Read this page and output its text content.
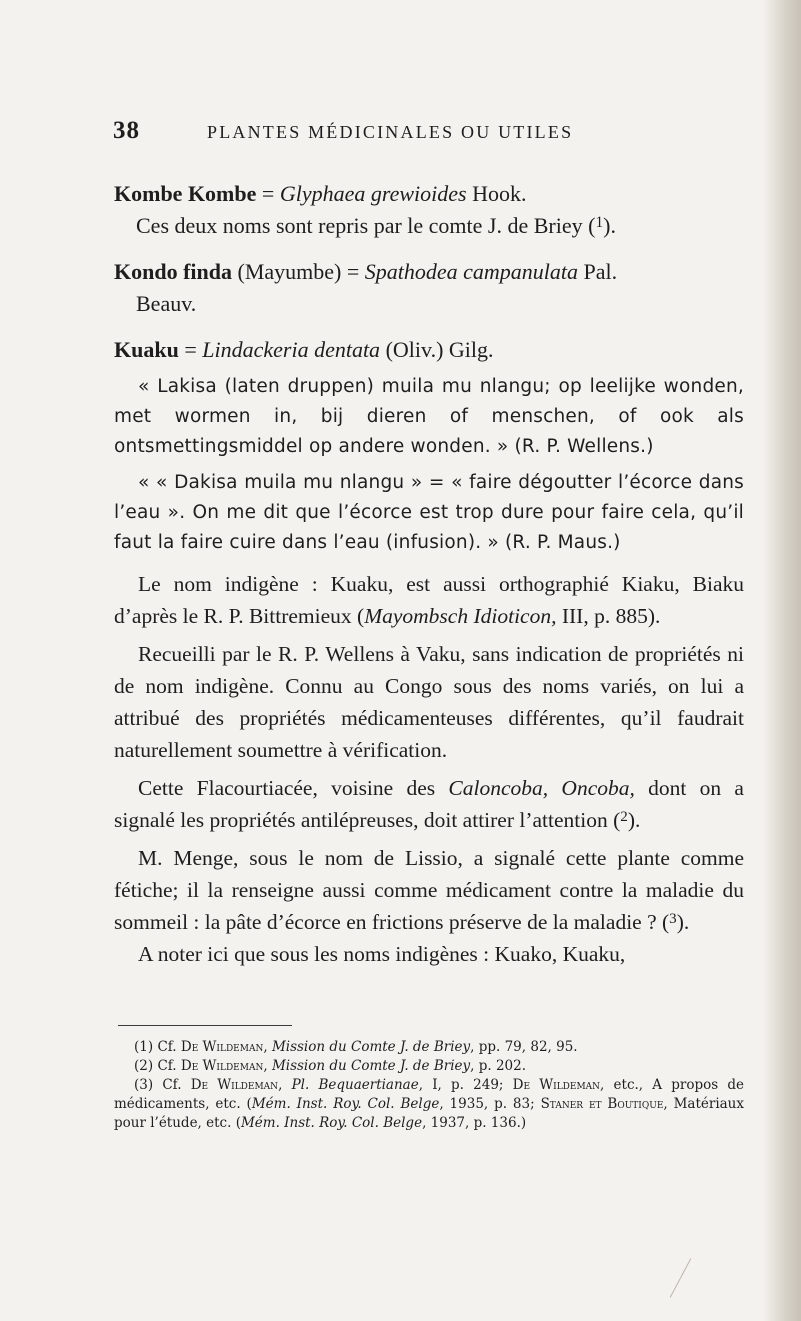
38	PLANTES MÉDICINALES OU UTILES

Kombe Kombe = Glyphaea grewioides Hook.
Ces deux noms sont repris par le comte J. de Briey ($^1$).

Kondo finda (Mayumbe) = Spathodea campanulata Pal.
Beauv.

Kuaku = Lindackeria dentata (Oliv.) Gilg.

« Lakisa (laten druppen) muila mu nlangu; op leelijke wonden, met wormen in, bij dieren of menschen, of ook als ontsmettingsmiddel op andere wonden. » (R. P. Wellens.)

« « Dakisa muila mu nlangu » = « faire dégoutter l’écorce dans l’eau ». On me dit que l’écorce est trop dure pour faire cela, qu’il faut la faire cuire dans l’eau (infusion). » (R. P. Maus.)

Le nom indigène : Kuaku, est aussi orthographié Kiaku, Biaku d’après le R. P. Bittremieux (Mayombsch Idioticon, III, p. 885).

Recueilli par le R. P. Wellens à Vaku, sans indication de propriétés ni de nom indigène. Connu au Congo sous des noms variés, on lui a attribué des propriétés médicamenteuses différentes, qu’il faudrait naturellement soumettre à vérification.

Cette Flacourtiacée, voisine des Caloncoba, Oncoba, dont on a signalé les propriétés antilépreuses, doit attirer l’attention ($^2$).

M. Menge, sous le nom de Lissio, a signalé cette plante comme fétiche; il la renseigne aussi comme médicament contre la maladie du sommeil : la pâte d’écorce en frictions préserve de la maladie ? ($^3$).

A noter ici que sous les noms indigènes : Kuako, Kuaku,

(1) Cf. De Wildeman, Mission du Comte J. de Briey, pp. 79, 82, 95.

(2) Cf. De Wildeman, Mission du Comte J. de Briey, p. 202.

(3) Cf. De Wildeman, Pl. Bequaertianae, I, p. 249; De Wildeman, etc., A propos de médicaments, etc. (Mém. Inst. Roy. Col. Belge, 1935, p. 83; Staner et Boutique, Matériaux pour l’étude, etc. (Mém. Inst. Roy. Col. Belge, 1937, p. 136.)
